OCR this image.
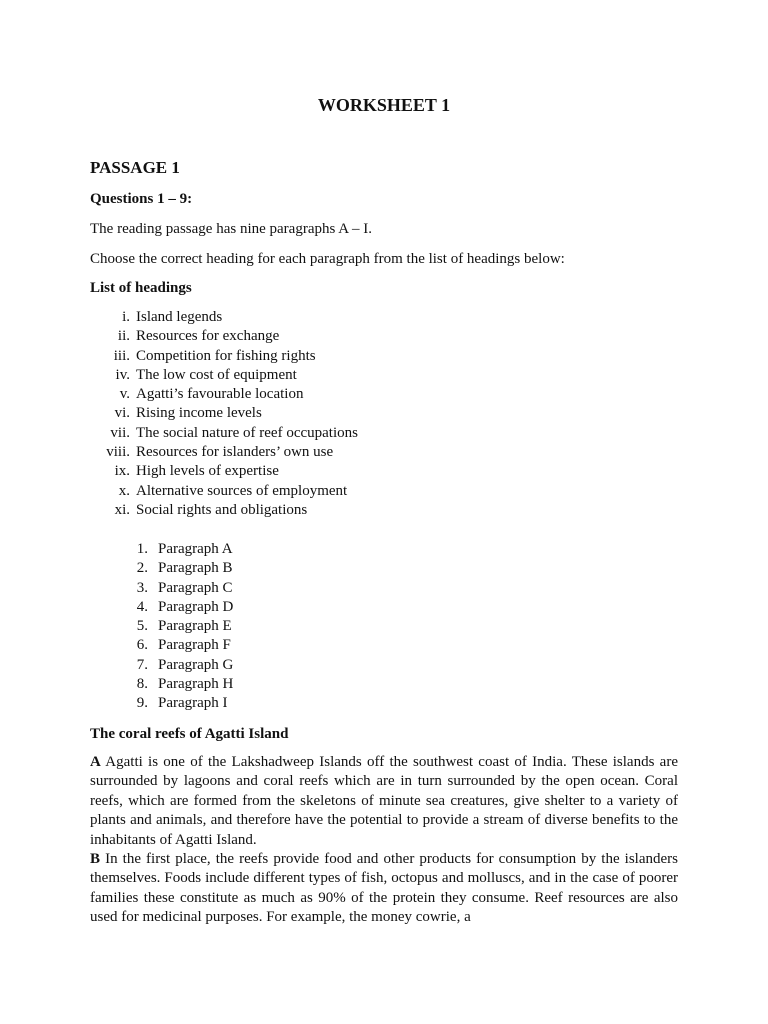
WORKSHEET 1
PASSAGE 1
Questions 1 – 9:
The reading passage has nine paragraphs A – I.
Choose the correct heading for each paragraph from the list of headings below:
List of headings
i. Island legends
ii. Resources for exchange
iii. Competition for fishing rights
iv. The low cost of equipment
v. Agatti’s favourable location
vi. Rising income levels
vii. The social nature of reef occupations
viii. Resources for islanders’ own use
ix. High levels of expertise
x. Alternative sources of employment
xi. Social rights and obligations
1. Paragraph A
2. Paragraph B
3. Paragraph C
4. Paragraph D
5. Paragraph E
6. Paragraph F
7. Paragraph G
8. Paragraph H
9. Paragraph I
The coral reefs of Agatti Island
A Agatti is one of the Lakshadweep Islands off the southwest coast of India. These islands are surrounded by lagoons and coral reefs which are in turn surrounded by the open ocean. Coral reefs, which are formed from the skeletons of minute sea creatures, give shelter to a variety of plants and animals, and therefore have the potential to provide a stream of diverse benefits to the inhabitants of Agatti Island.
B In the first place, the reefs provide food and other products for consumption by the islanders themselves. Foods include different types of fish, octopus and molluscs, and in the case of poorer families these constitute as much as 90% of the protein they consume. Reef resources are also used for medicinal purposes. For example, the money cowrie, a
